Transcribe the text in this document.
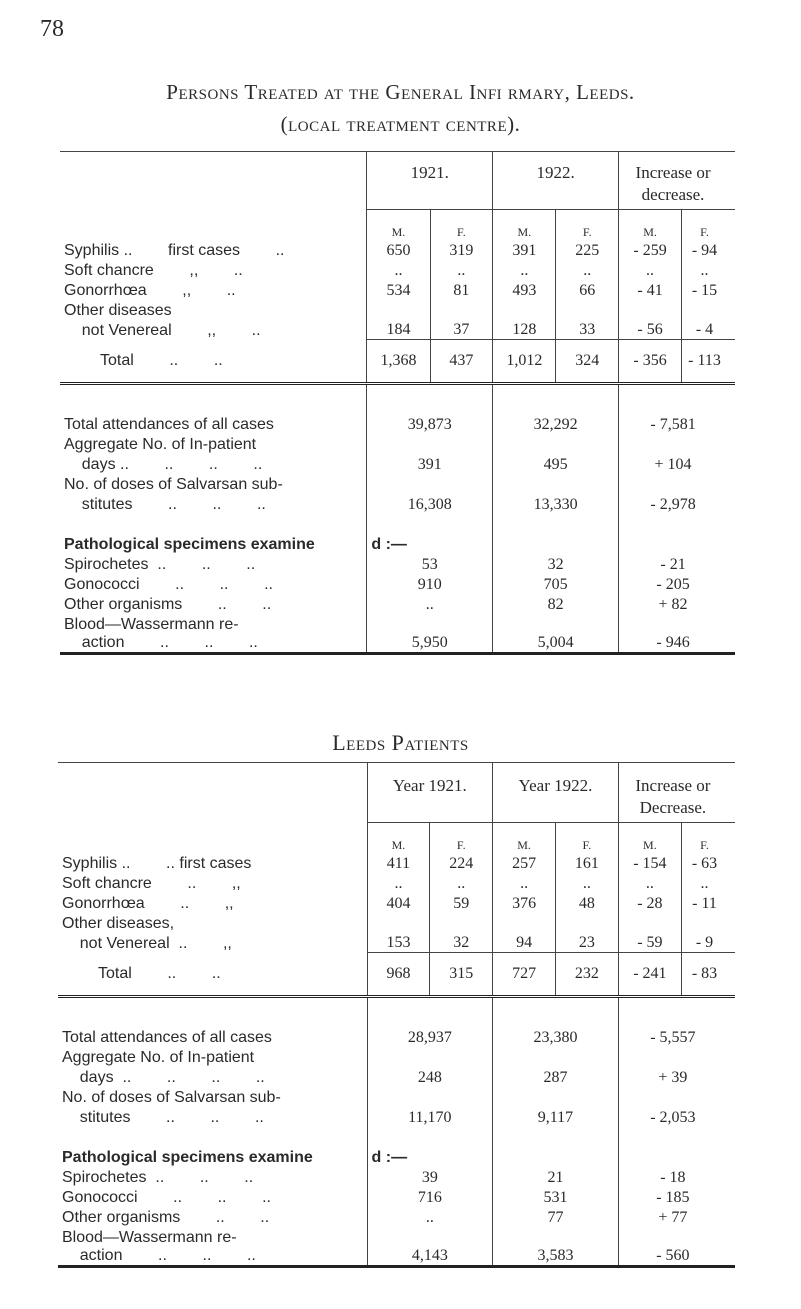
78
Persons Treated at the General Infi rmary, Leeds.
(local treatment centre).
	1921.		1922.		Increase or decrease.		
	M.	F.	M.	F.	M.	F.	
Syphilis ..        first cases        ..	650	319	391	225	- 259	- 94	
Soft chancre        ,,        ..	..	..	..	..	..	..	
Gonorrhœa        ,,        ..	534	81	493	66	- 41	- 15	
Other diseases							
not Venereal        ,,        ..	184	37	128	33	- 56	- 4	
Total        ..        ..	1,368	437	1,012	324	- 356	- 113	

Total attendances of all cases	39,873		32,292		- 7,581		
Aggregate No. of In-patient							
days ..        ..        ..        ..	391		495		+ 104		
No. of doses of Salvarsan sub-							
stitutes        ..        ..        ..	16,308		13,330		- 2,978		
Pathological specimens examine	d :—						
Spirochetes  ..        ..        ..	53		32		- 21		
Gonococci        ..        ..        ..	910		705		- 205		
Other organisms        ..        ..	..		82		+ 82		
Blood—Wassermann re-							
action        ..        ..        ..	5,950		5,004		- 946		
Leeds Patients
	Year 1921.		Year 1922.		Increase or Decrease.		
	M.	F.	M.	F.	M.	F.	
Syphilis ..        .. first cases	411	224	257	161	- 154	- 63	
Soft chancre        ..        ,,	..	..	..	..	..	..	
Gonorrhœa        ..        ,,	404	59	376	48	- 28	- 11	
Other diseases,							
not Venereal  ..        ,,	153	32	94	23	- 59	- 9	
Total        ..        ..	968	315	727	232	- 241	- 83	

Total attendances of all cases	28,937		23,380		- 5,557		
Aggregate No. of In-patient							
days  ..        ..        ..        ..	248		287		+ 39		
No. of doses of Salvarsan sub-							
stitutes        ..        ..        ..	11,170		9,117		- 2,053		
Pathological specimens examine	d :—						
Spirochetes  ..        ..        ..	39		21		- 18		
Gonococci        ..        ..        ..	716		531		- 185		
Other organisms        ..        ..	..		77		+ 77		
Blood—Wassermann re-							
action        ..        ..        ..	4,143		3,583		- 560		
